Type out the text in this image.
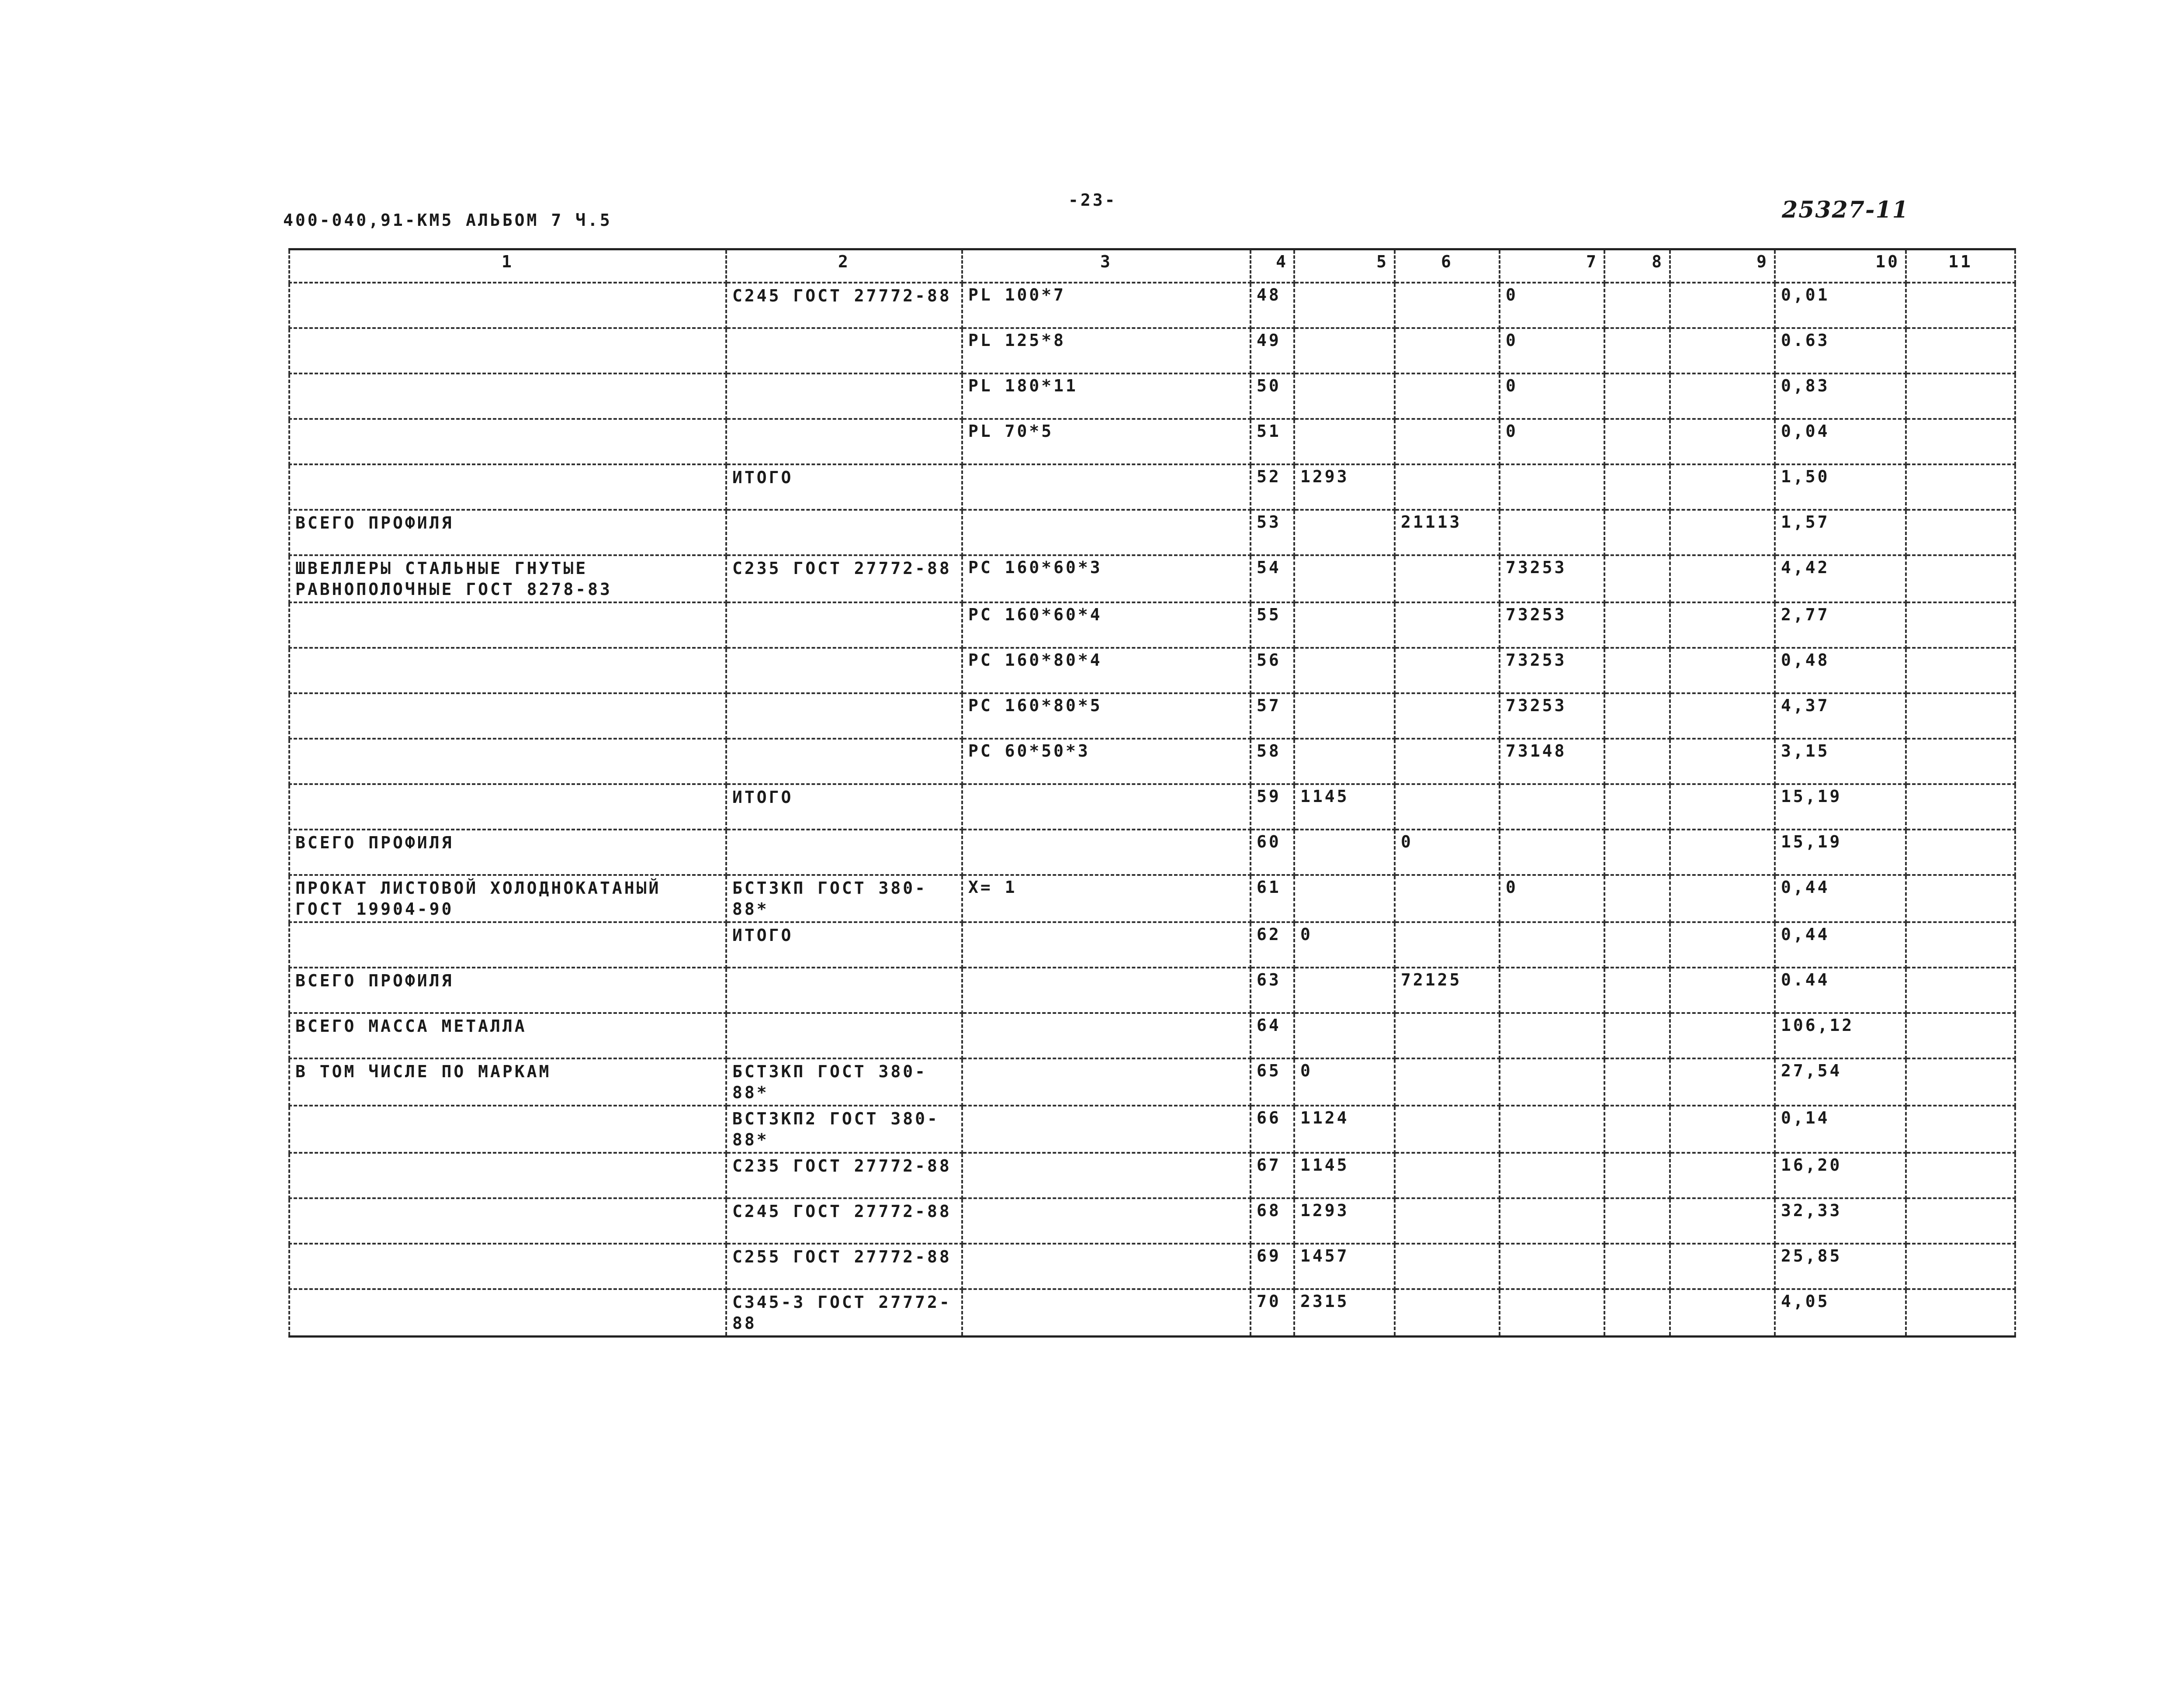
400-040,91-КМ5 АЛЬБОМ 7 Ч.5
-23-	25327-11
1	2	3	4	5	6	7	8	9	10	11
	С245 ГОСТ 27772-88	PL 100*7	48			0			0,01	
		PL 125*8	49			0			0.63	
		PL 180*11	50			0			0,83	
		PL 70*5	51			0			0,04	
	ИТОГО		52	1293					1,50	
ВСЕГО ПРОФИЛЯ			53		21113				1,57	
ШВЕЛЛЕРЫ СТАЛЬНЫЕ ГНУТЫЕ РАВНОПОЛОЧНЫЕ ГОСТ 8278-83	С235 ГОСТ 27772-88	PC 160*60*3	54			73253			4,42	
		PC 160*60*4	55			73253			2,77	
		PC 160*80*4	56			73253			0,48	
		PC 160*80*5	57			73253			4,37	
		PC 60*50*3	58			73148			3,15	
	ИТОГО		59	1145					15,19	
ВСЕГО ПРОФИЛЯ			60		0				15,19	
ПРОКАТ ЛИСТОВОЙ ХОЛОДНОКАТАНЫЙ ГОСТ 19904-90	БСТ3КП ГОСТ 380-88*	X= 1	61			0			0,44	
	ИТОГО		62	0					0,44	
ВСЕГО ПРОФИЛЯ			63		72125				0.44	
ВСЕГО МАССА МЕТАЛЛА			64						106,12	
В ТОМ ЧИСЛЕ ПО МАРКАМ	БСТ3КП ГОСТ 380-88*		65	0					27,54	
	ВСТ3КП2 ГОСТ 380-88*		66	1124					0,14	
	С235 ГОСТ 27772-88		67	1145					16,20	
	С245 ГОСТ 27772-88		68	1293					32,33	
	С255 ГОСТ 27772-88		69	1457					25,85	
	С345-3 ГОСТ 27772-88		70	2315					4,05	
